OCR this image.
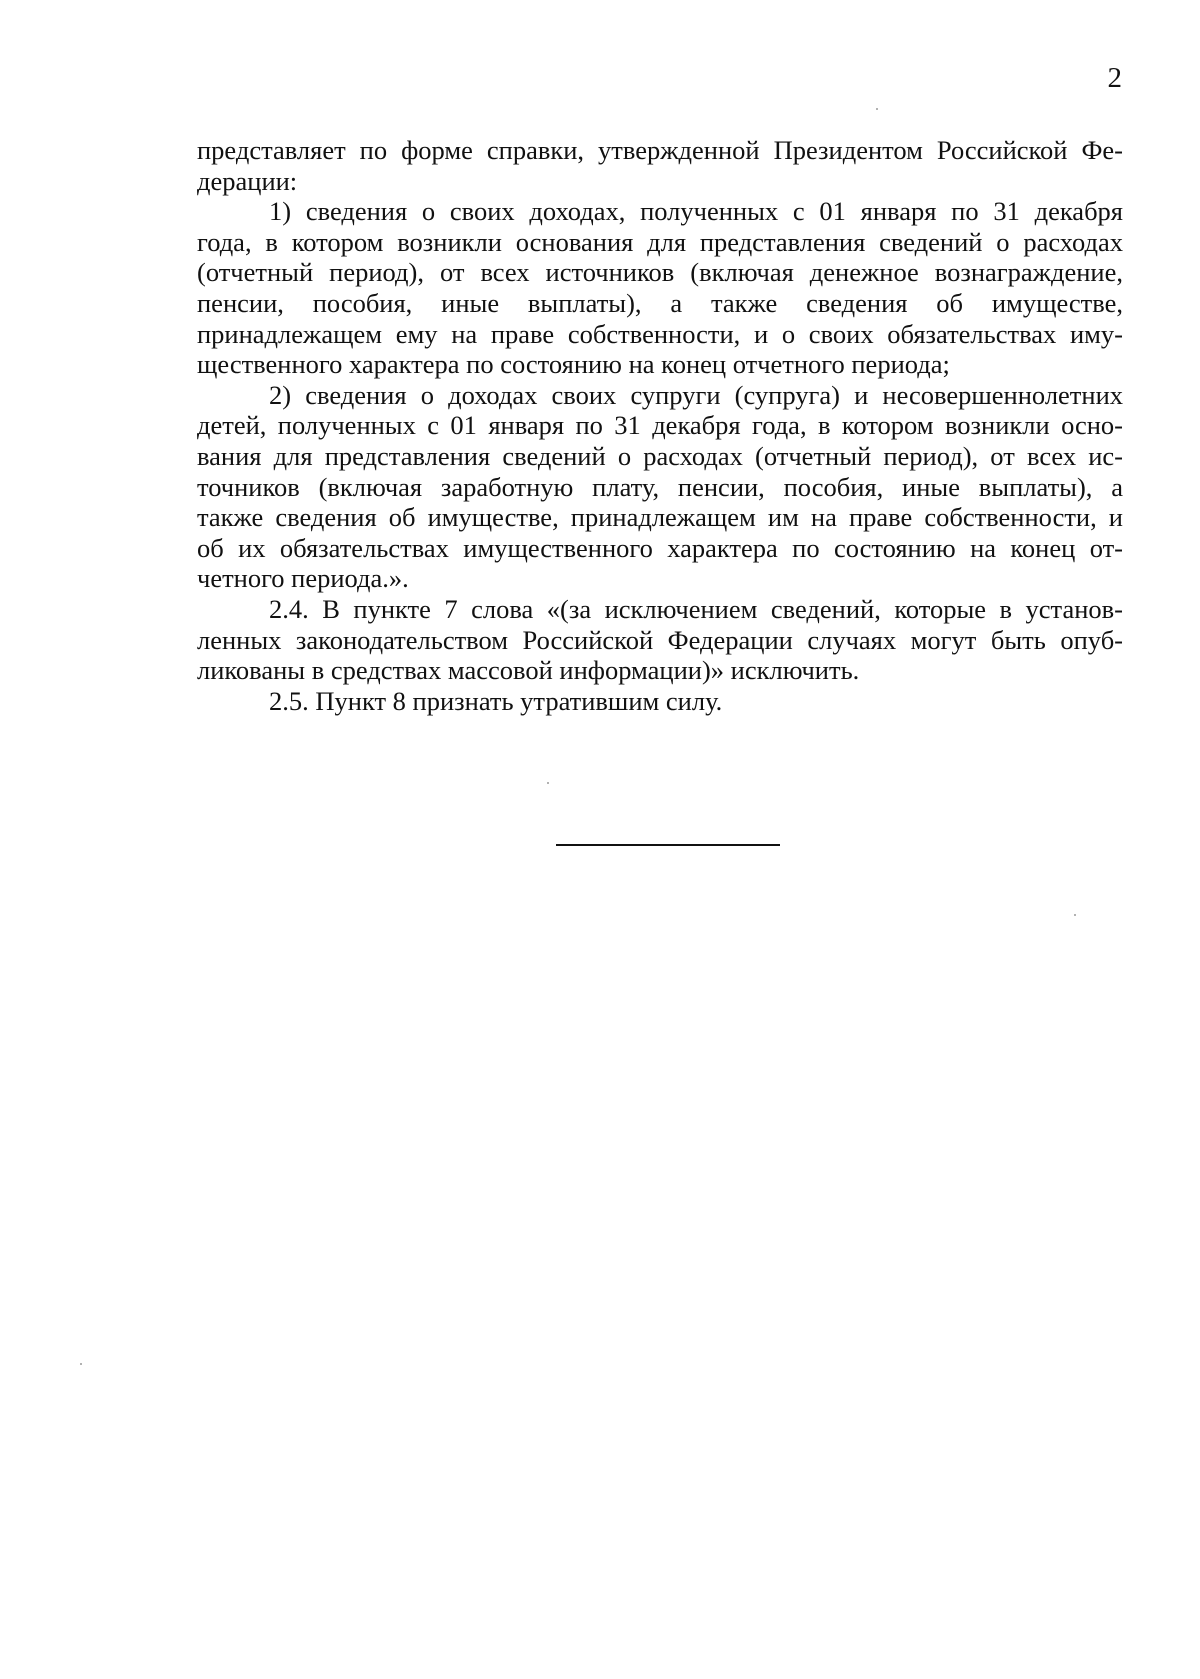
2
представляет по форме справки, утвержденной Президентом Российской Фе-
дерации:
1) сведения о своих доходах, полученных с 01 января по 31 декабря
года, в котором возникли основания для представления сведений о расходах
(отчетный период), от всех источников (включая денежное вознаграждение,
пенсии, пособия, иные выплаты), а также сведения об имуществе,
принадлежащем ему на праве собственности, и о своих обязательствах иму-
щественного характера по состоянию на конец отчетного периода;
2) сведения о доходах своих супруги (супруга) и несовершеннолетних
детей, полученных с 01 января по 31 декабря года, в котором возникли осно-
вания для представления сведений о расходах (отчетный период), от всех ис-
точников (включая заработную плату, пенсии, пособия, иные выплаты), а
также сведения об имуществе, принадлежащем им на праве собственности, и
об их обязательствах имущественного характера по состоянию на конец от-
четного периода.».
2.4. В пункте 7 слова «(за исключением сведений, которые в установ-
ленных законодательством Российской Федерации случаях могут быть опуб-
ликованы в средствах массовой информации)» исключить.
2.5. Пункт 8 признать утратившим силу.
